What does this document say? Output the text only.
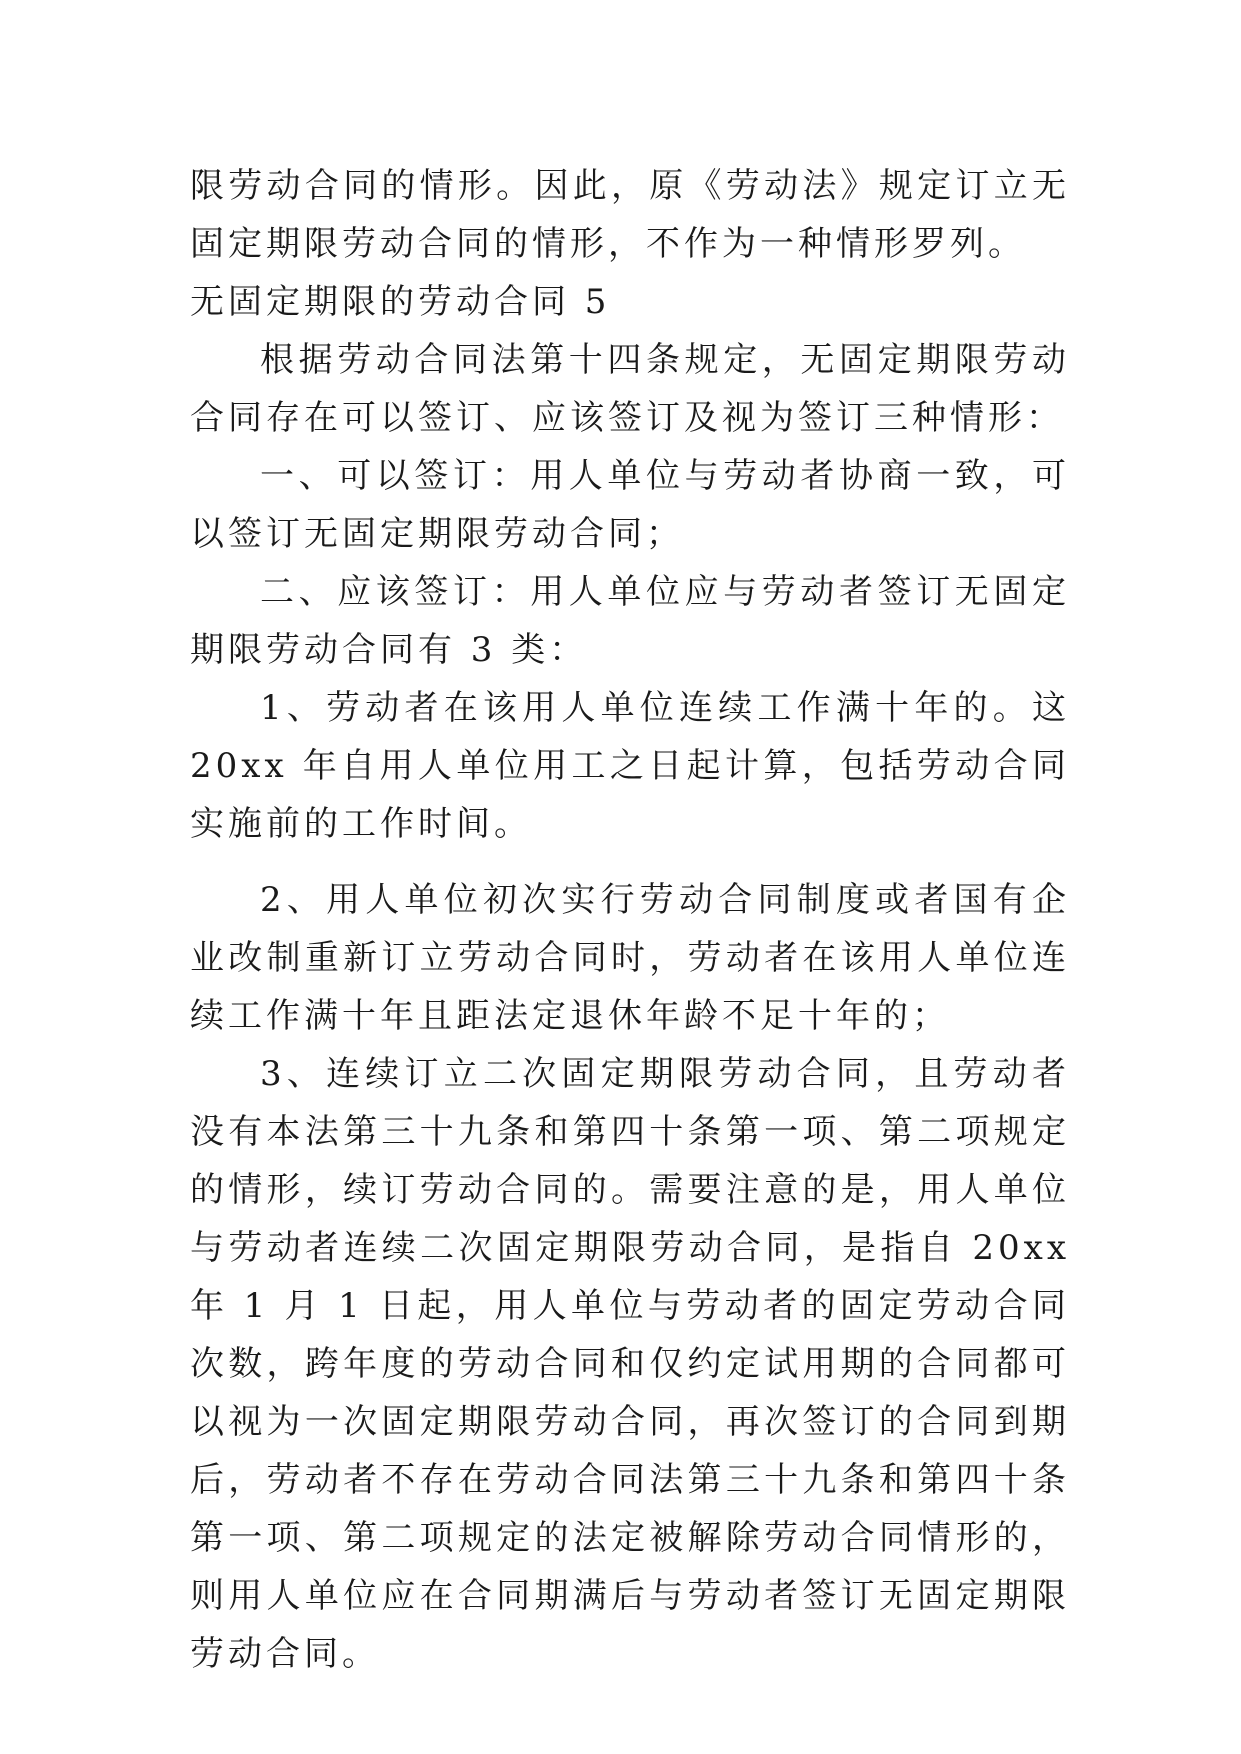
限劳动合同的情形。因此，原《劳动法》规定订立无固定期限劳动合同的情形，不作为一种情形罗列。

无固定期限的劳动合同 5

根据劳动合同法第十四条规定，无固定期限劳动合同存在可以签订、应该签订及视为签订三种情形：

一、可以签订：用人单位与劳动者协商一致，可以签订无固定期限劳动合同；

二、应该签订：用人单位应与劳动者签订无固定期限劳动合同有 3 类：

1、劳动者在该用人单位连续工作满十年的。这 20xx 年自用人单位用工之日起计算，包括劳动合同实施前的工作时间。

2、用人单位初次实行劳动合同制度或者国有企业改制重新订立劳动合同时，劳动者在该用人单位连续工作满十年且距法定退休年龄不足十年的；

3、连续订立二次固定期限劳动合同，且劳动者没有本法第三十九条和第四十条第一项、第二项规定的情形，续订劳动合同的。需要注意的是，用人单位与劳动者连续二次固定期限劳动合同，是指自 20xx 年 1 月 1 日起，用人单位与劳动者的固定劳动合同次数，跨年度的劳动合同和仅约定试用期的合同都可以视为一次固定期限劳动合同，再次签订的合同到期后，劳动者不存在劳动合同法第三十九条和第四十条第一项、第二项规定的法定被解除劳动合同情形的，则用人单位应在合同期满后与劳动者签订无固定期限劳动合同。
